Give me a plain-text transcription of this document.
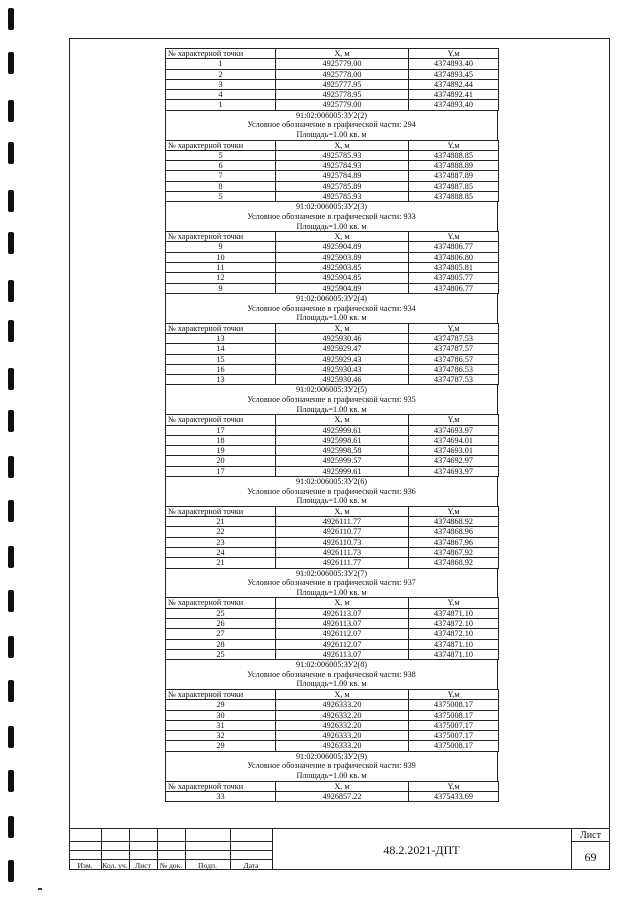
№ характерной точки	X, м	Y,м
1	4925779.00	4374893.40
2	4925778.00	4374893.45
3	4925777.95	4374892.44
4	4925778.95	4374892.41
1	4925779.00	4374893.40
91:02:006005:ЗУ2(2)
Условное обозначение в графической части: 294
Площадь=1.00 кв. м
№ характерной точки	X, м	Y,м
5	4925785.93	4374888.85
6	4925784.93	4374888.89
7	4925784.89	4374887.89
8	4925785.89	4374887.85
5	4925785.93	4374888.85
91:02:006005:ЗУ2(3)
Условное обозначение в графической части: 933
Площадь=1.00 кв. м
№ характерной точки	X, м	Y,м
9	4925904.89	4374806.77
10	4925903.89	4374806.80
11	4925903.85	4374805.81
12	4925904.85	4374805.77
9	4925904.89	4374806.77
91:02:006005:ЗУ2(4)
Условное обозначение в графической части: 934
Площадь=1.00 кв. м
№ характерной точки	X, м	Y,м
13	4925930.46	4374787.53
14	4925929.47	4374787.57
15	4925929.43	4374786.57
16	4925930.43	4374786.53
13	4925930.46	4374787.53
91:02:006005:ЗУ2(5)
Условное обозначение в графической части: 935
Площадь=1.00 кв. м
№ характерной точки	X, м	Y,м
17	4925999.61	4374693.97
18	4925998.61	4374694.01
19	4925998.58	4374693.01
20	4925999.57	4374692.97
17	4925999.61	4374693.97
91:02:006005:ЗУ2(6)
Условное обозначение в графической части: 936
Площадь=1.00 кв. м
№ характерной точки	X, м	Y,м
21	4926111.77	4374868.92
22	4926110.77	4374868.96
23	4926110.73	4374867.96
24	4926111.73	4374867.92
21	4926111.77	4374868.92
91:02:006005:ЗУ2(7)
Условное обозначение в графической части: 937
Площадь=1.00 кв. м
№ характерной точки	X, м	Y,м
25	4926113.07	4374871.10
26	4926113.07	4374872.10
27	4926112.07	4374872.10
28	4926112.07	4374871.10
25	4926113.07	4374871.10
91:02:006005:ЗУ2(8)
Условное обозначение в графической части: 938
Площадь=1.00 кв. м
№ характерной точки	X, м	Y,м
29	4926333.20	4375008.17
30	4926332.20	4375008.17
31	4926332.20	4375007.17
32	4926333.20	4375007.17
29	4926333.20	4375008.17
91:02:006005:ЗУ2(9)
Условное обозначение в графической части: 939
Площадь=1.00 кв. м
№ характерной точки	X, м	Y,м
33	4926857.22	4375433.69
Изм.	Кол. уч. Лист	№ док.	Подп.	Дата
48.2.2021-ДПТ
Лист
69
